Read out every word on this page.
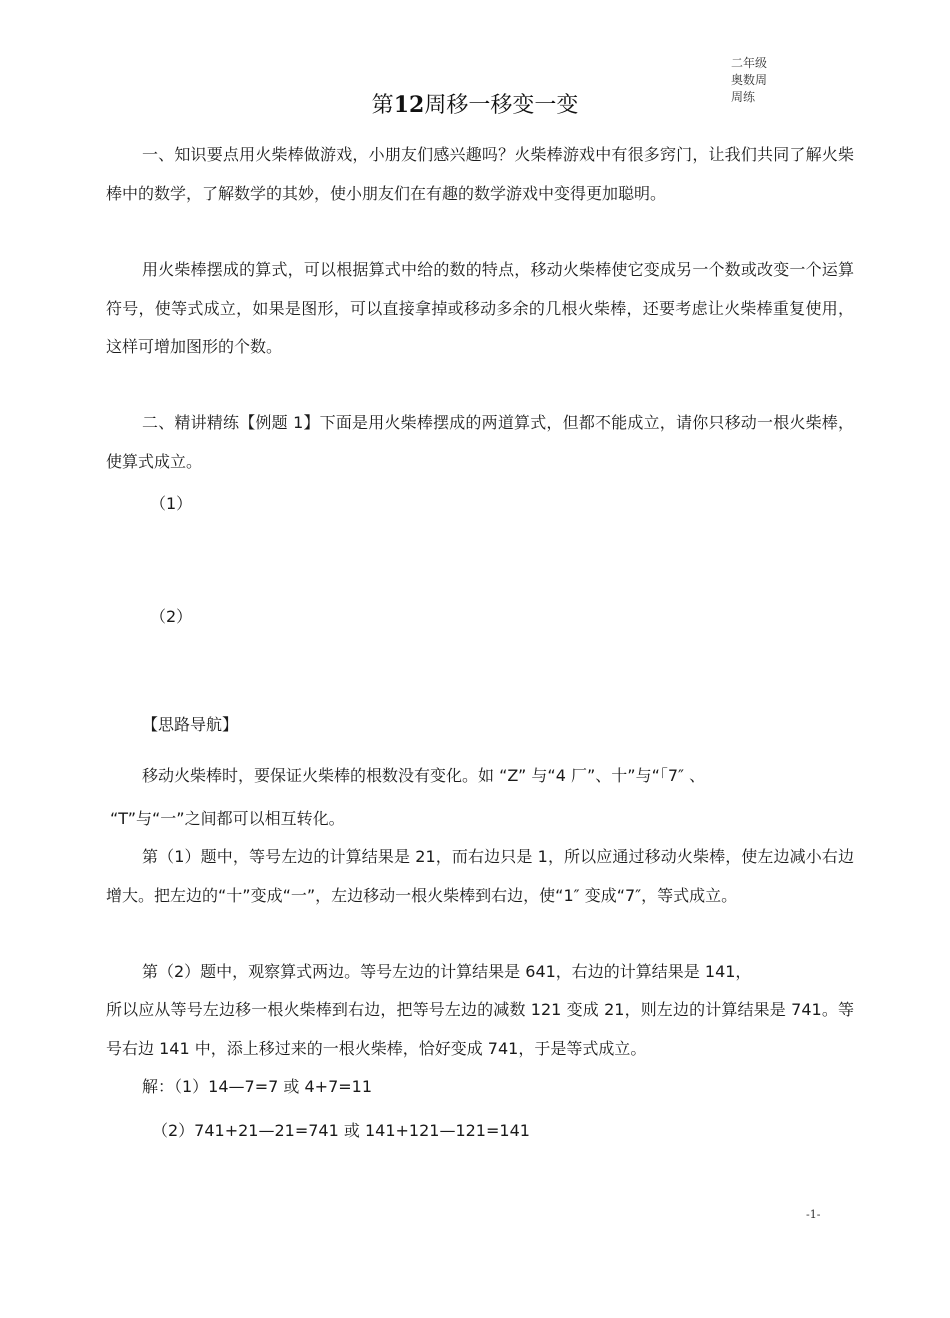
二年级
奥数周
周练
第12周移一移变一变

一、知识要点用火柴棒做游戏，小朋友们感兴趣吗？火柴棒游戏中有很多窍门，让我们共同了解火柴棒中的数学，了解数学的其妙，使小朋友们在有趣的数学游戏中变得更加聪明。

用火柴棒摆成的算式，可以根据算式中给的数的特点，移动火柴棒使它变成另一个数或改变一个运算符号，使等式成立，如果是图形，可以直接拿掉或移动多余的几根火柴棒，还要考虑让火柴棒重复使用，这样可增加图形的个数。

二、精讲精练【例题 1】下面是用火柴棒摆成的两道算式，但都不能成立，请你只移动一根火柴棒，使算式成立。

（1）

（2）

【思路导航】

移动火柴棒时，要保证火柴棒的根数没有变化。如 “Z” 与“4 厂”、十”与“「7″ 、

“T”与“一”之间都可以相互转化。

第（1）题中，等号左边的计算结果是 21，而右边只是 1，所以应通过移动火柴棒，使左边减小右边增大。把左边的“十”变成“一”，左边移动一根火柴棒到右边，使“1″ 变成“7″，等式成立。

第（2）题中，观察算式两边。等号左边的计算结果是 641，右边的计算结果是 141，

所以应从等号左边移一根火柴棒到右边，把等号左边的减数 121 变成 21，则左边的计算结果是 741。等号右边 141 中，添上移过来的一根火柴棒，恰好变成 741，于是等式成立。

解：（1）14—7=7 或 4+7=11

（2）741+21—21=741 或 141+121—121=141

-1-
